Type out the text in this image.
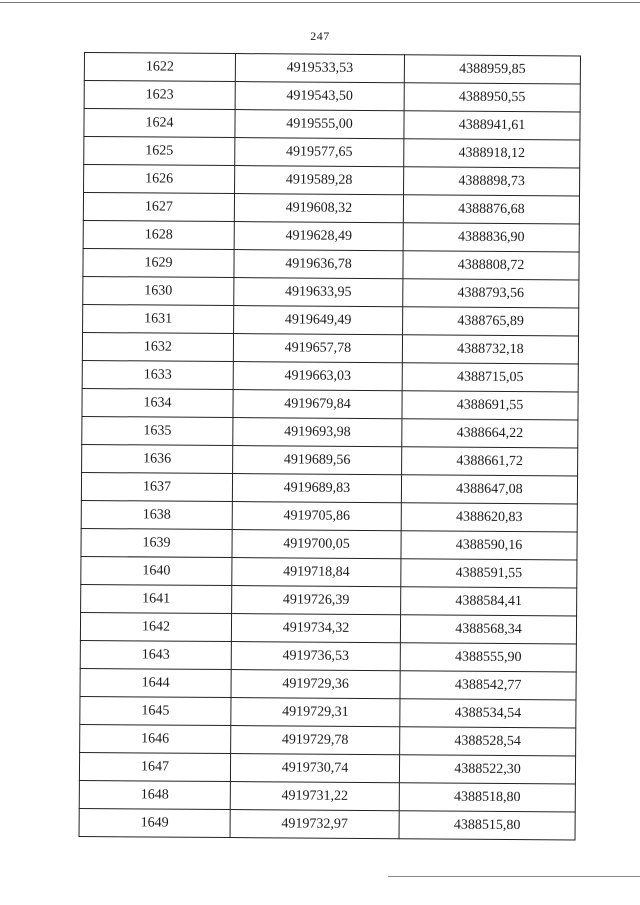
247
1622	4919533,53	4388959,85
1623	4919543,50	4388950,55
1624	4919555,00	4388941,61
1625	4919577,65	4388918,12
1626	4919589,28	4388898,73
1627	4919608,32	4388876,68
1628	4919628,49	4388836,90
1629	4919636,78	4388808,72
1630	4919633,95	4388793,56
1631	4919649,49	4388765,89
1632	4919657,78	4388732,18
1633	4919663,03	4388715,05
1634	4919679,84	4388691,55
1635	4919693,98	4388664,22
1636	4919689,56	4388661,72
1637	4919689,83	4388647,08
1638	4919705,86	4388620,83
1639	4919700,05	4388590,16
1640	4919718,84	4388591,55
1641	4919726,39	4388584,41
1642	4919734,32	4388568,34
1643	4919736,53	4388555,90
1644	4919729,36	4388542,77
1645	4919729,31	4388534,54
1646	4919729,78	4388528,54
1647	4919730,74	4388522,30
1648	4919731,22	4388518,80
1649	4919732,97	4388515,80
